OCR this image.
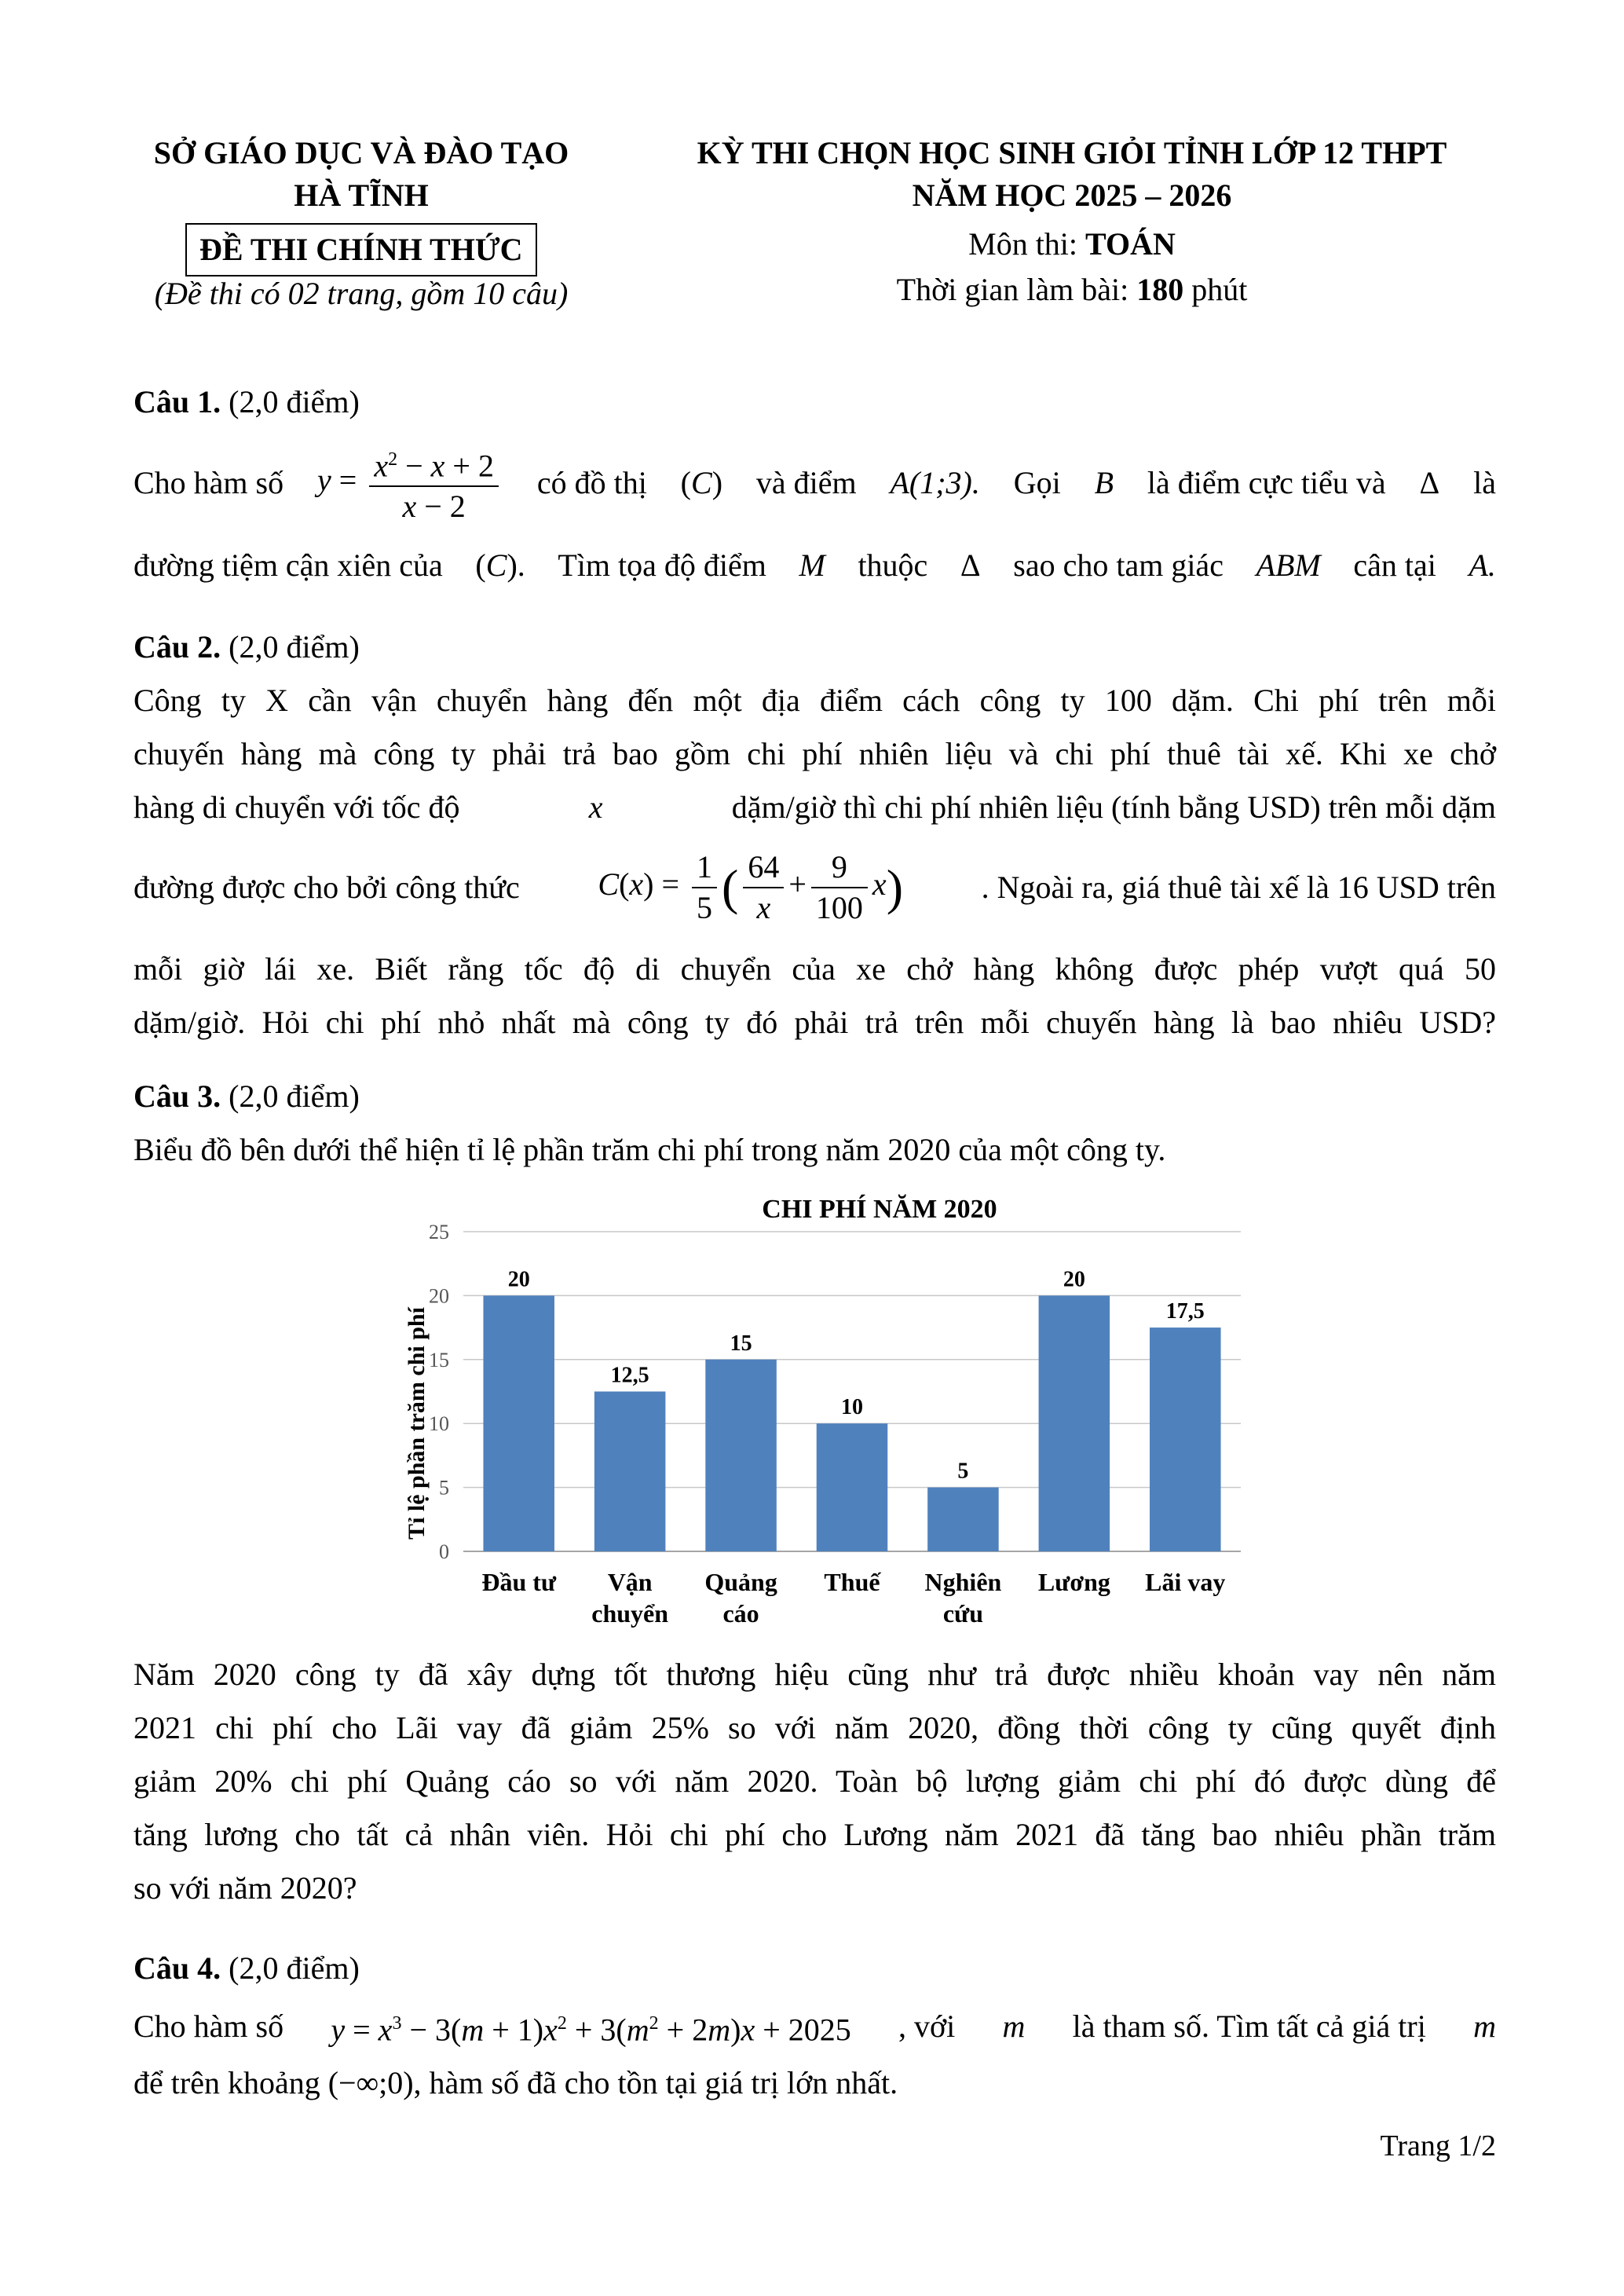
SỞ GIÁO DỤC VÀ ĐÀO TẠO
HÀ TĨNH
ĐỀ THI CHÍNH THỨC
(Đề thi có 02 trang, gồm 10 câu)
KỲ THI CHỌN HỌC SINH GIỎI TỈNH LỚP 12 THPT
NĂM HỌC 2025 – 2026
Môn thi: TOÁN
Thời gian làm bài: 180 phút
Câu 1. (2,0 điểm)
Cho hàm số $y = \frac{x^2 - x + 2}{x - 2}$ có đồ thị (C) và điểm A(1;3). Gọi B là điểm cực tiểu và Δ là
đường tiệm cận xiên của (C). Tìm tọa độ điểm M thuộc Δ sao cho tam giác ABM cân tại A.
Câu 2. (2,0 điểm)
Công ty X cần vận chuyển hàng đến một địa điểm cách công ty 100 dặm. Chi phí trên mỗi
chuyến hàng mà công ty phải trả bao gồm chi phí nhiên liệu và chi phí thuê tài xế. Khi xe chở
hàng di chuyển với tốc độ	x	dặm/giờ thì chi phí nhiên liệu (tính bằng USD) trên mỗi dặm
đường được cho bởi công thức $C(x) = \frac{1}{5}$ ( $\frac{64}{x} + \frac{9}{100} x$) . Ngoài ra, giá thuê tài xế là 16 USD trên
mỗi giờ lái xe. Biết rằng tốc độ di chuyển của xe chở hàng không được phép vượt quá 50
dặm/giờ. Hỏi chi phí nhỏ nhất mà công ty đó phải trả trên mỗi chuyến hàng là bao nhiêu USD?
Câu 3. (2,0 điểm)
Biểu đồ bên dưới thể hiện tỉ lệ phần trăm chi phí trong năm 2020 của một công ty.
CHI PHÍ NĂM 2020
Tỉ lệ phần trăm chi phí
0
5
10
15
20
25
20
12,5
15
10
5
20
17,5
Đầu tư Vận
chuyển
Quảng
cáo
Thuế Nghiên
cứu
Lương Lãi vay
Năm 2020 công ty đã xây dựng tốt thương hiệu cũng như trả được nhiều khoản vay nên năm
2021 chi phí cho Lãi vay đã giảm 25% so với năm 2020, đồng thời công ty cũng quyết định
giảm 20% chi phí Quảng cáo so với năm 2020. Toàn bộ lượng giảm chi phí đó được dùng để
tăng lương cho tất cả nhân viên. Hỏi chi phí cho Lương năm 2021 đã tăng bao nhiêu phần trăm
so với năm 2020?
Câu 4. (2,0 điểm)
Cho hàm số $y = x^3 - 3(m + 1)x^2 + 3(m^2 + 2m)x + 2025$ , với m là tham số. Tìm tất cả giá trị m
để trên khoảng (−∞;0), hàm số đã cho tồn tại giá trị lớn nhất.
Trang 1/2
